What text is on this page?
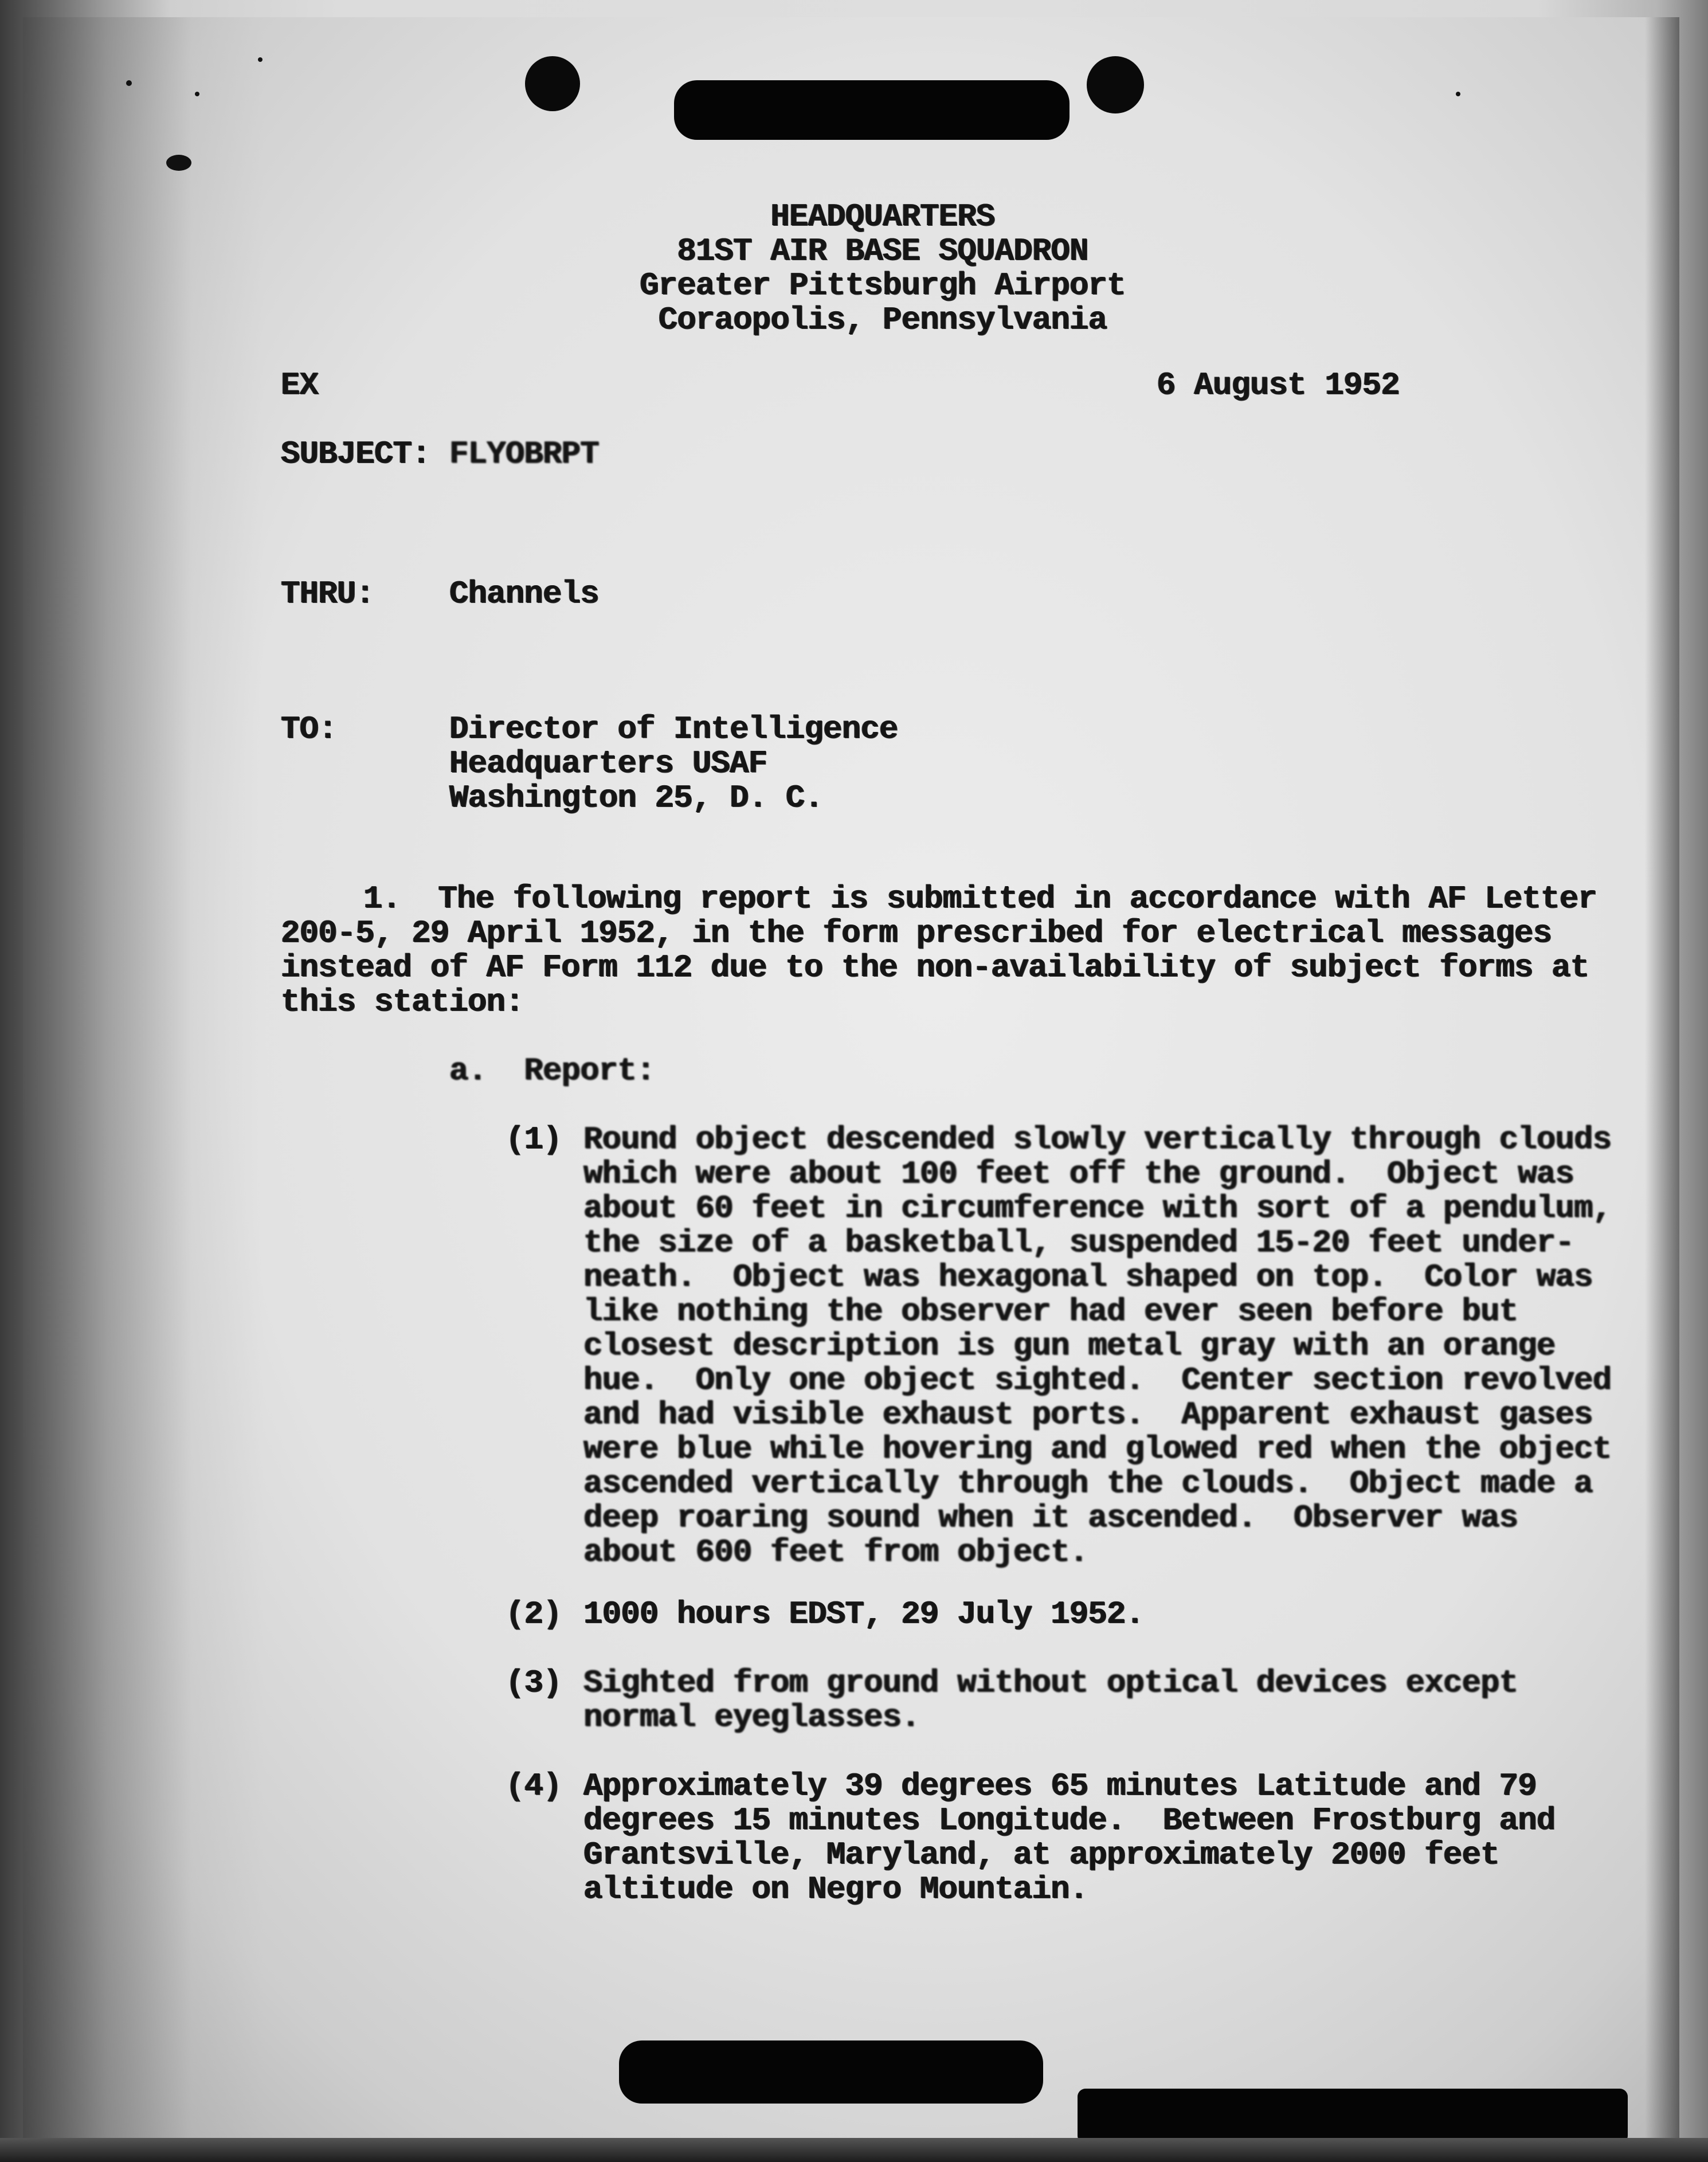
HEADQUARTERS
81ST AIR BASE SQUADRON
Greater Pittsburgh Airport
Coraopolis, Pennsylvania
EX	6 August 1952
SUBJECT: FLYOBRPT
THRU: Channels
TO:	Director of Intelligence
Headquarters USAF
Washington 25, D. C.
1.  The following report is submitted in accordance with AF Letter
200-5, 29 April 1952, in the form prescribed for electrical messages
instead of AF Form 112 due to the non-availability of subject forms at
this station:
a.  Report:
(1) Round object descended slowly vertically through clouds
which were about 100 feet off the ground.  Object was
about 60 feet in circumference with sort of a pendulum,
the size of a basketball, suspended 15-20 feet under-
neath.  Object was hexagonal shaped on top.  Color was
like nothing the observer had ever seen before but
closest description is gun metal gray with an orange
hue.  Only one object sighted.  Center section revolved
and had visible exhaust ports.  Apparent exhaust gases
were blue while hovering and glowed red when the object
ascended vertically through the clouds.  Object made a
deep roaring sound when it ascended.  Observer was
about 600 feet from object.
(2) 1000 hours EDST, 29 July 1952.
(3) Sighted from ground without optical devices except
normal eyeglasses.
(4) Approximately 39 degrees 65 minutes Latitude and 79
degrees 15 minutes Longitude.  Between Frostburg and
Grantsville, Maryland, at approximately 2000 feet
altitude on Negro Mountain.
